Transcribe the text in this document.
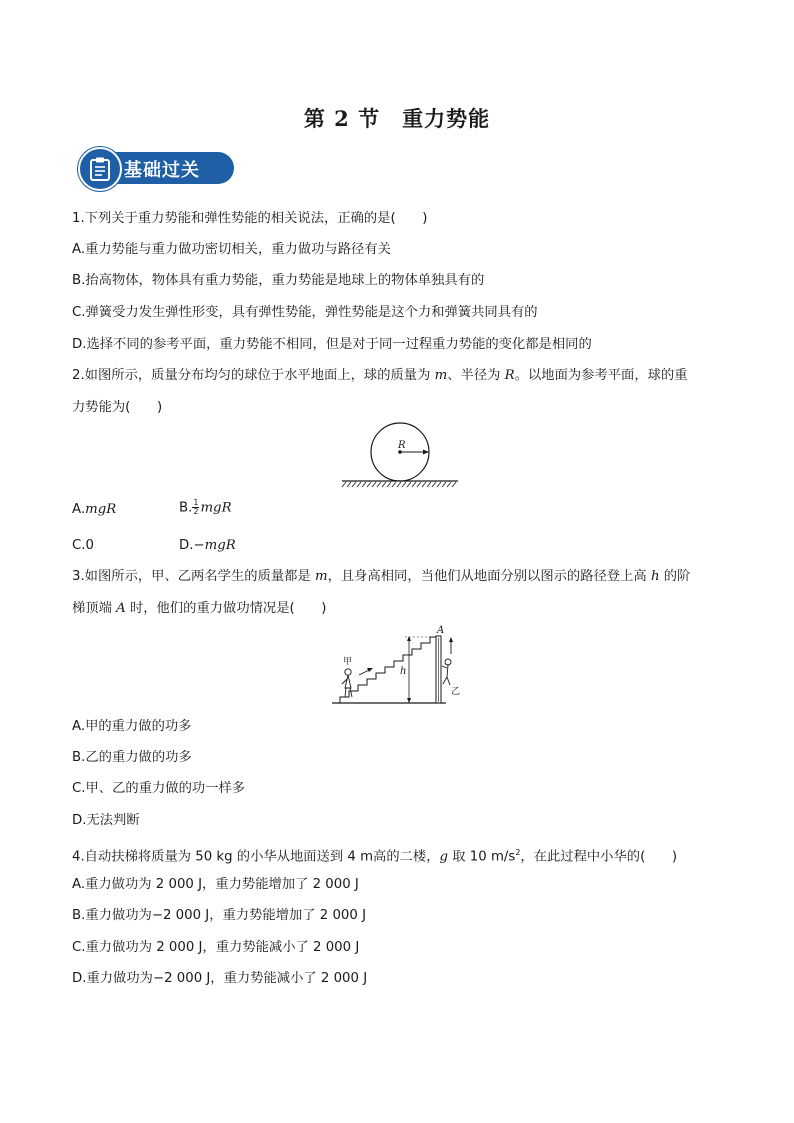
第 2 节　重力势能
基础过关
1.下列关于重力势能和弹性势能的相关说法，正确的是(　　)
A.重力势能与重力做功密切相关，重力做功与路径有关
B.抬高物体，物体具有重力势能，重力势能是地球上的物体单独具有的
C.弹簧受力发生弹性形变，具有弹性势能，弹性势能是这个力和弹簧共同具有的
D.选择不同的参考平面，重力势能不相同，但是对于同一过程重力势能的变化都是相同的
2.如图所示，质量分布均匀的球位于水平地面上，球的质量为 m、半径为 R。以地面为参考平面，球的重
力势能为(　　)
R
A.mgR	B. $\frac{1}{2}$ mgR
C.0	D.−mgR
3.如图所示，甲、乙两名学生的质量都是 m，且身高相同，当他们从地面分别以图示的路径登上高 h 的阶
梯顶端 A 时，他们的重力做功情况是(　　)
h
A
甲
乙
A.甲的重力做的功多
B.乙的重力做的功多
C.甲、乙的重力做的功一样多
D.无法判断
4.自动扶梯将质量为 50 kg 的小华从地面送到 4 m高的二楼，g 取 10 $m/s^2$，在此过程中小华的(　　)
A.重力做功为 2 000 J，重力势能增加了 2 000 J
B.重力做功为−2 000 J，重力势能增加了 2 000 J
C.重力做功为 2 000 J，重力势能减小了 2 000 J
D.重力做功为−2 000 J，重力势能减小了 2 000 J
